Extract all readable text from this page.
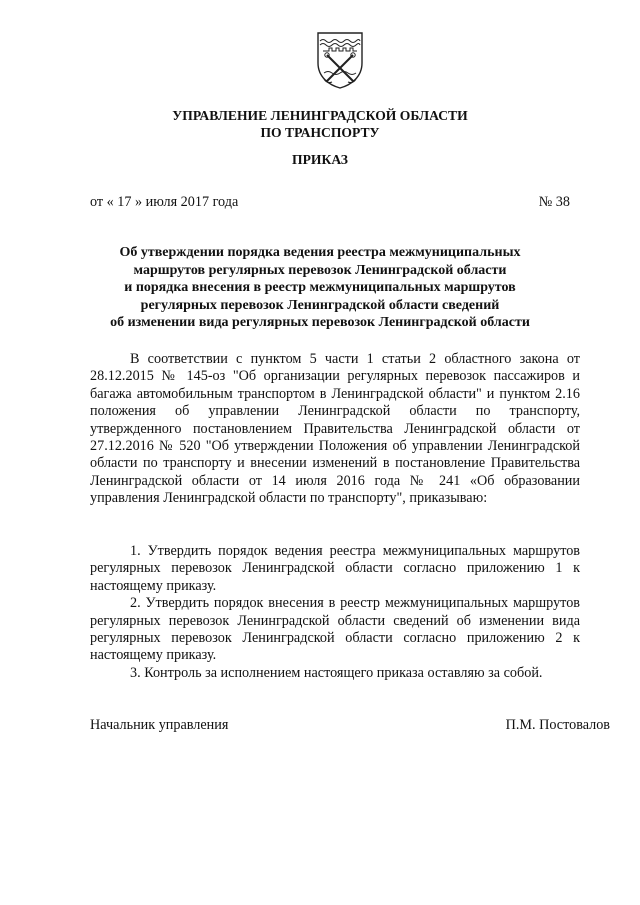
УПРАВЛЕНИЕ ЛЕНИНГРАДСКОЙ ОБЛАСТИ
ПО ТРАНСПОРТУ
ПРИКАЗ
от « 17 » июля 2017 года	№ 38
Об утверждении порядка ведения реестра межмуниципальных
маршрутов регулярных перевозок Ленинградской области
и порядка внесения в реестр межмуниципальных маршрутов
регулярных перевозок Ленинградской области сведений
об изменении вида регулярных перевозок Ленинградской области

В соответствии с пунктом 5 части 1 статьи 2 областного закона от 28.12.2015 № 145-оз "Об организации регулярных перевозок пассажиров и багажа автомобильным транспортом в Ленинградской области" и пунктом 2.16 положения об управлении Ленинградской области по транспорту, утвержденного постановлением Правительства Ленинградской области от 27.12.2016 № 520 "Об утверждении Положения об управлении Ленинградской области по транспорту и внесении изменений в постановление Правительства Ленинградской области от 14 июля 2016 года № 241 «Об образовании управления Ленинградской области по транспорту", приказываю:

1. Утвердить порядок ведения реестра межмуниципальных маршрутов регулярных перевозок Ленинградской области согласно приложению 1 к настоящему приказу.

2. Утвердить порядок внесения в реестр межмуниципальных маршрутов регулярных перевозок Ленинградской области сведений об изменении вида регулярных перевозок Ленинградской области согласно приложению 2 к настоящему приказу.

3. Контроль за исполнением настоящего приказа оставляю за собой.

Начальник управления	П.М. Постовалов
